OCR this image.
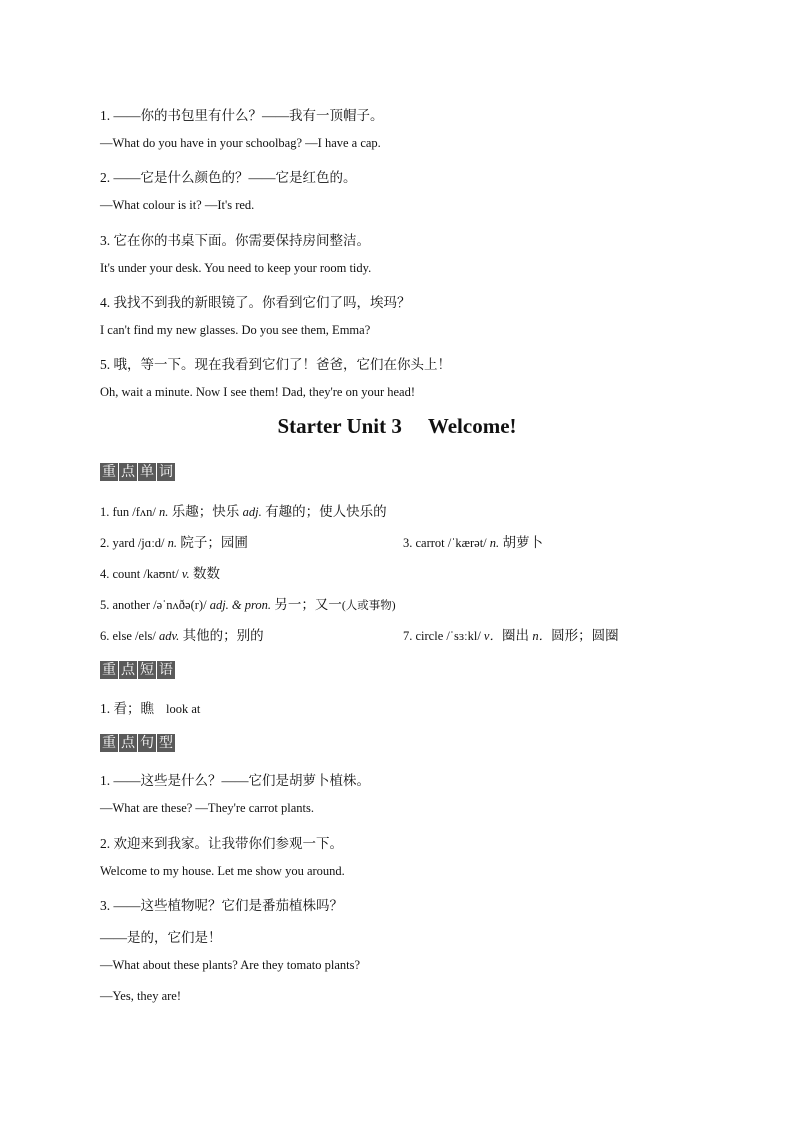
1. ——你的书包里有什么？——我有一顶帽子。
—What do you have in your schoolbag? —I have a cap.
2. ——它是什么颜色的？——它是红色的。
—What colour is it? —It's red.
3. 它在你的书桌下面。你需要保持房间整洁。
It's under your desk. You need to keep your room tidy.
4. 我找不到我的新眼镜了。你看到它们了吗，埃玛？
I can't find my new glasses. Do you see them, Emma?
5. 哦，等一下。现在我看到它们了！爸爸，它们在你头上！
Oh, wait a minute. Now I see them! Dad, they're on your head!
Starter Unit 3 Welcome!
重 点 单 词
1. fun /fʌn/ n. 乐趣；快乐 adj. 有趣的；使人快乐的
2. yard /jɑːd/ n. 院子；园圃	3. carrot /ˈkærət/ n. 胡萝卜
4. count /kaʊnt/ v. 数数
5. another /əˈnʌðə(r)/ adj. & pron. 另一；又一(人或事物)
6. else /els/ adv. 其他的；别的	7. circle /ˈsɜːkl/ v．圈出 n．圆形；圆圈
重 点 短 语
1. 看；瞧 look at
重 点 句 型
1. ——这些是什么？——它们是胡萝卜植株。
—What are these? —They're carrot plants.
2. 欢迎来到我家。让我带你们参观一下。
Welcome to my house. Let me show you around.
3. ——这些植物呢？它们是番茄植株吗？
——是的，它们是！
—What about these plants? Are they tomato plants?
—Yes, they are!
